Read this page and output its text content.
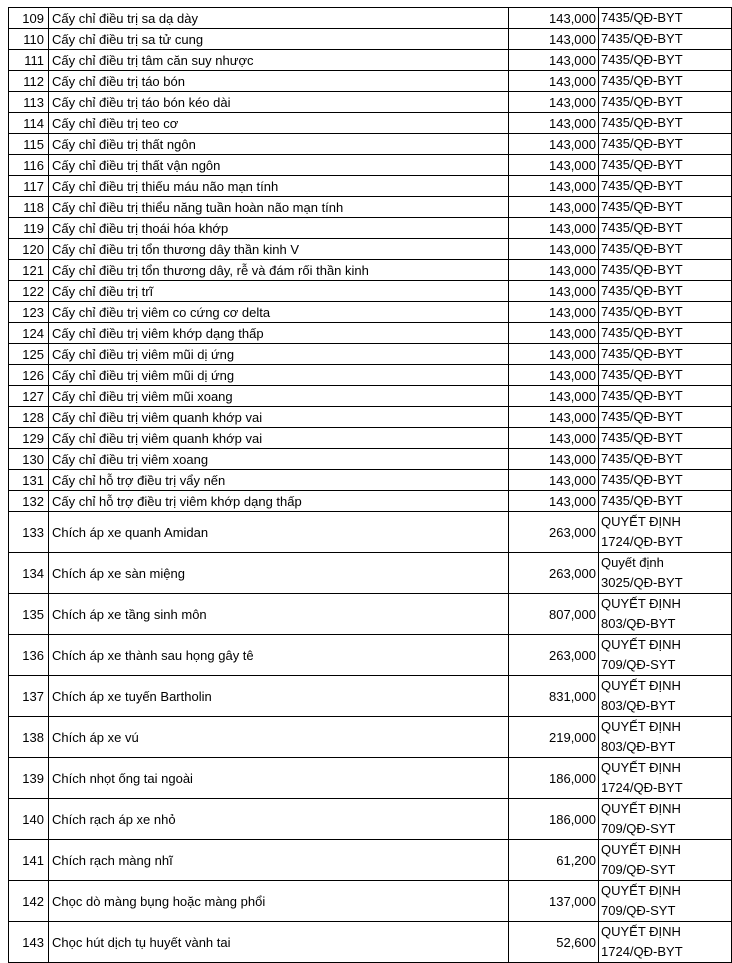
109	Cấy chỉ điều trị sa dạ dày	143,000	7435/QĐ-BYT
110	Cấy chỉ điều trị sa tử cung	143,000	7435/QĐ-BYT
111	Cấy chỉ điều trị tâm căn suy nhược	143,000	7435/QĐ-BYT
112	Cấy chỉ điều trị táo bón	143,000	7435/QĐ-BYT
113	Cấy chỉ điều trị táo bón kéo dài	143,000	7435/QĐ-BYT
114	Cấy chỉ điều trị teo cơ	143,000	7435/QĐ-BYT
115	Cấy chỉ điều trị thất ngôn	143,000	7435/QĐ-BYT
116	Cấy chỉ điều trị thất vận ngôn	143,000	7435/QĐ-BYT
117	Cấy chỉ điều trị thiếu máu não mạn tính	143,000	7435/QĐ-BYT
118	Cấy chỉ điều trị thiểu năng tuần hoàn não mạn tính	143,000	7435/QĐ-BYT
119	Cấy chỉ điều trị thoái hóa khớp	143,000	7435/QĐ-BYT
120	Cấy chỉ điều trị tổn thương dây thần kinh V	143,000	7435/QĐ-BYT
121	Cấy chỉ điều trị tổn thương dây, rễ và đám rối thần kinh	143,000	7435/QĐ-BYT
122	Cấy chỉ điều trị trĩ	143,000	7435/QĐ-BYT
123	Cấy chỉ điều trị viêm co cứng cơ delta	143,000	7435/QĐ-BYT
124	Cấy chỉ điều trị viêm khớp dạng thấp	143,000	7435/QĐ-BYT
125	Cấy chỉ điều trị viêm mũi dị ứng	143,000	7435/QĐ-BYT
126	Cấy chỉ điều trị viêm mũi dị ứng	143,000	7435/QĐ-BYT
127	Cấy chỉ điều trị viêm mũi xoang	143,000	7435/QĐ-BYT
128	Cấy chỉ điều trị viêm quanh khớp vai	143,000	7435/QĐ-BYT
129	Cấy chỉ điều trị viêm quanh khớp vai	143,000	7435/QĐ-BYT
130	Cấy chỉ điều trị viêm xoang	143,000	7435/QĐ-BYT
131	Cấy chỉ hỗ trợ điều trị vẩy nến	143,000	7435/QĐ-BYT
132	Cấy chỉ hỗ trợ điều trị viêm khớp dạng thấp	143,000	7435/QĐ-BYT
133	Chích áp xe quanh Amidan	263,000	QUYẾT ĐỊNH
1724/QĐ-BYT

134	Chích áp xe sàn miệng	263,000	Quyết định
3025/QĐ-BYT

135	Chích áp xe tầng sinh môn	807,000	QUYẾT ĐỊNH
803/QĐ-BYT

136	Chích áp xe thành sau họng gây tê	263,000	QUYẾT ĐỊNH
709/QĐ-SYT

137	Chích áp xe tuyến Bartholin	831,000	QUYẾT ĐỊNH
803/QĐ-BYT

138	Chích áp xe vú	219,000	QUYẾT ĐỊNH
803/QĐ-BYT

139	Chích nhọt ống tai ngoài	186,000	QUYẾT ĐỊNH
1724/QĐ-BYT

140	Chích rạch áp xe nhỏ	186,000	QUYẾT ĐỊNH
709/QĐ-SYT

141	Chích rạch màng nhĩ	61,200	QUYẾT ĐỊNH
709/QĐ-SYT

142	Chọc dò màng bụng hoặc màng phổi	137,000	QUYẾT ĐỊNH
709/QĐ-SYT

143	Chọc hút dịch tụ huyết vành tai	52,600	QUYẾT ĐỊNH
1724/QĐ-BYT
